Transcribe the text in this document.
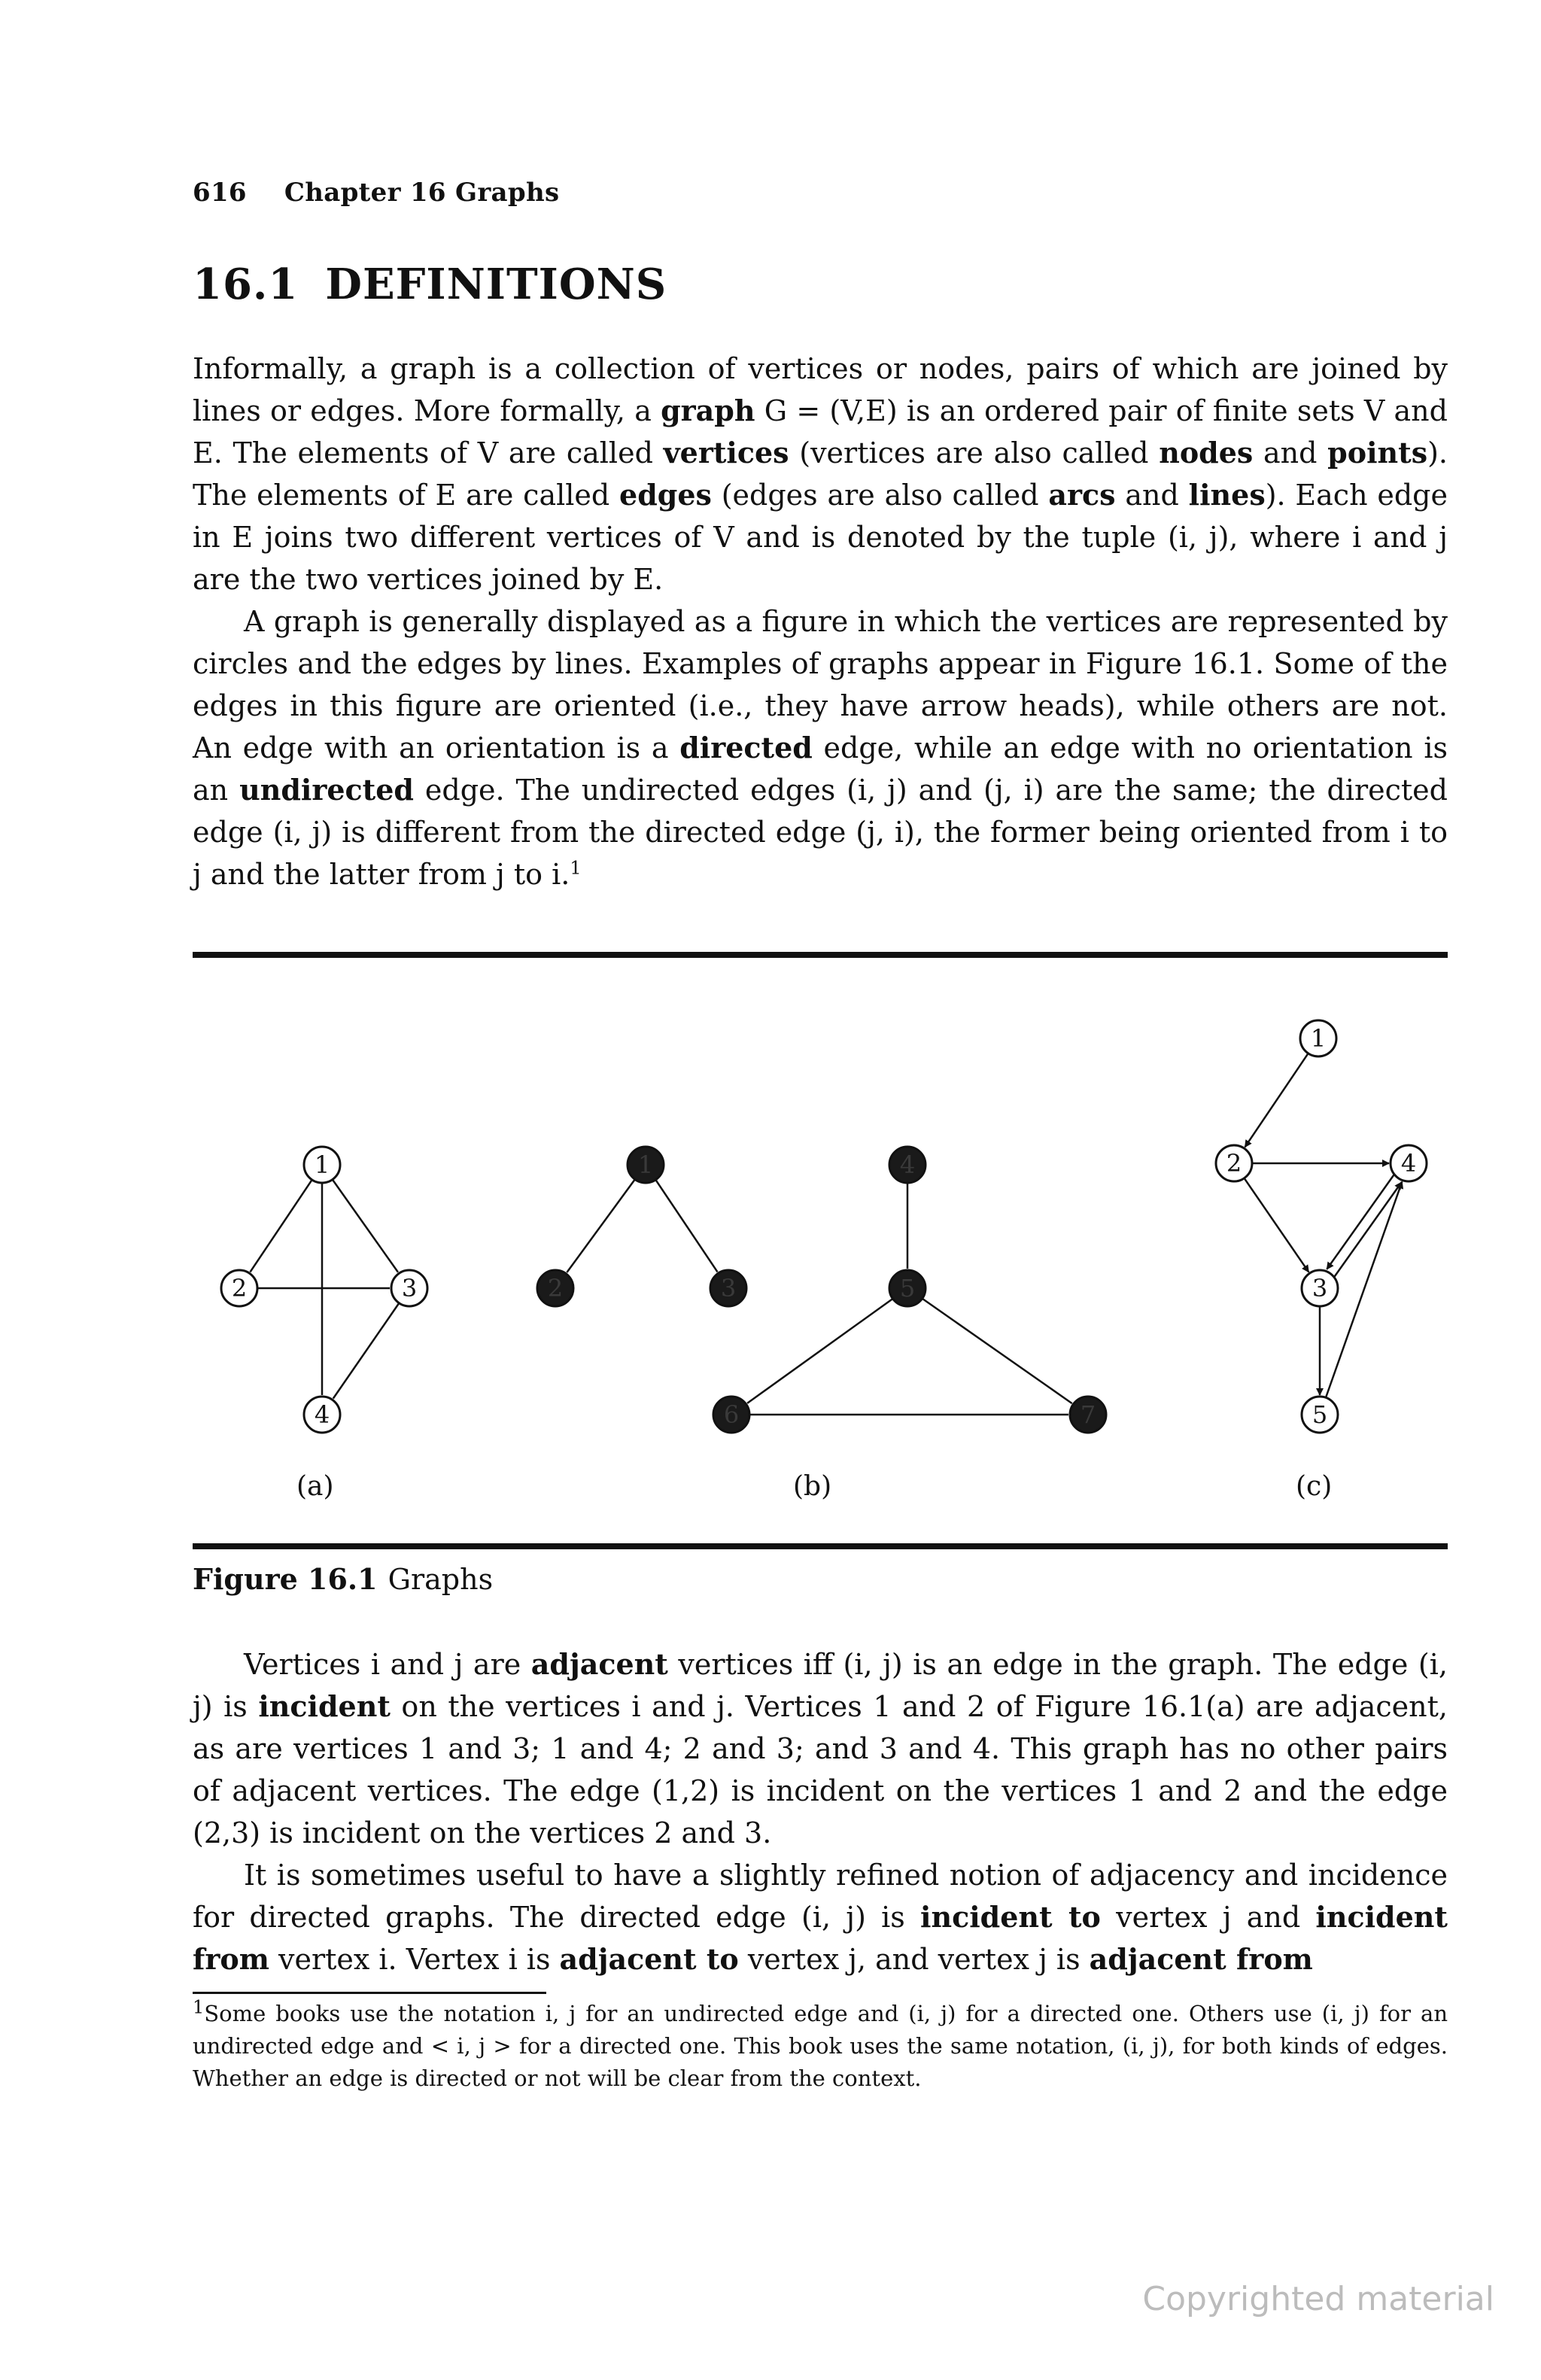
616 Chapter 16 Graphs
16.1 DEFINITIONS

Informally, a graph is a collection of vertices or nodes, pairs of which are joined by lines or edges. More formally, a graph G = (V,E) is an ordered pair of finite sets V and E. The elements of V are called vertices (vertices are also called nodes and points). The elements of E are called edges (edges are also called arcs and lines). Each edge in E joins two different vertices of V and is denoted by the tuple (i, j), where i and j are the two vertices joined by E.

A graph is generally displayed as a figure in which the vertices are represented by circles and the edges by lines. Examples of graphs appear in Figure 16.1. Some of the edges in this figure are oriented (i.e., they have arrow heads), while others are not. An edge with an orientation is a directed edge, while an edge with no orientation is an undirected edge. The undirected edges (i, j) and (j, i) are the same; the directed edge (i, j) is different from the directed edge (j, i), the former being oriented from i to j and the latter from j to i.$^1$

1
2	3
4
1
2	3
4
5
6	7
1
2
3
4
5
(a)	(b)	(c)
Figure 16.1 Graphs

Vertices i and j are adjacent vertices iff (i, j) is an edge in the graph. The edge (i, j) is incident on the vertices i and j. Vertices 1 and 2 of Figure 16.1(a) are adjacent, as are vertices 1 and 3; 1 and 4; 2 and 3; and 3 and 4. This graph has no other pairs of adjacent vertices. The edge (1,2) is incident on the vertices 1 and 2 and the edge (2,3) is incident on the vertices 2 and 3.

It is sometimes useful to have a slightly refined notion of adjacency and incidence for directed graphs. The directed edge (i, j) is incident to vertex j and incident from vertex i. Vertex i is adjacent to vertex j, and vertex j is adjacent from

$^1$Some books use the notation i, j for an undirected edge and (i, j) for a directed one. Others use (i, j) for an undirected edge and < i, j > for a directed one. This book uses the same notation, (i, j), for both kinds of edges. Whether an edge is directed or not will be clear from the context.

Copyrighted material
